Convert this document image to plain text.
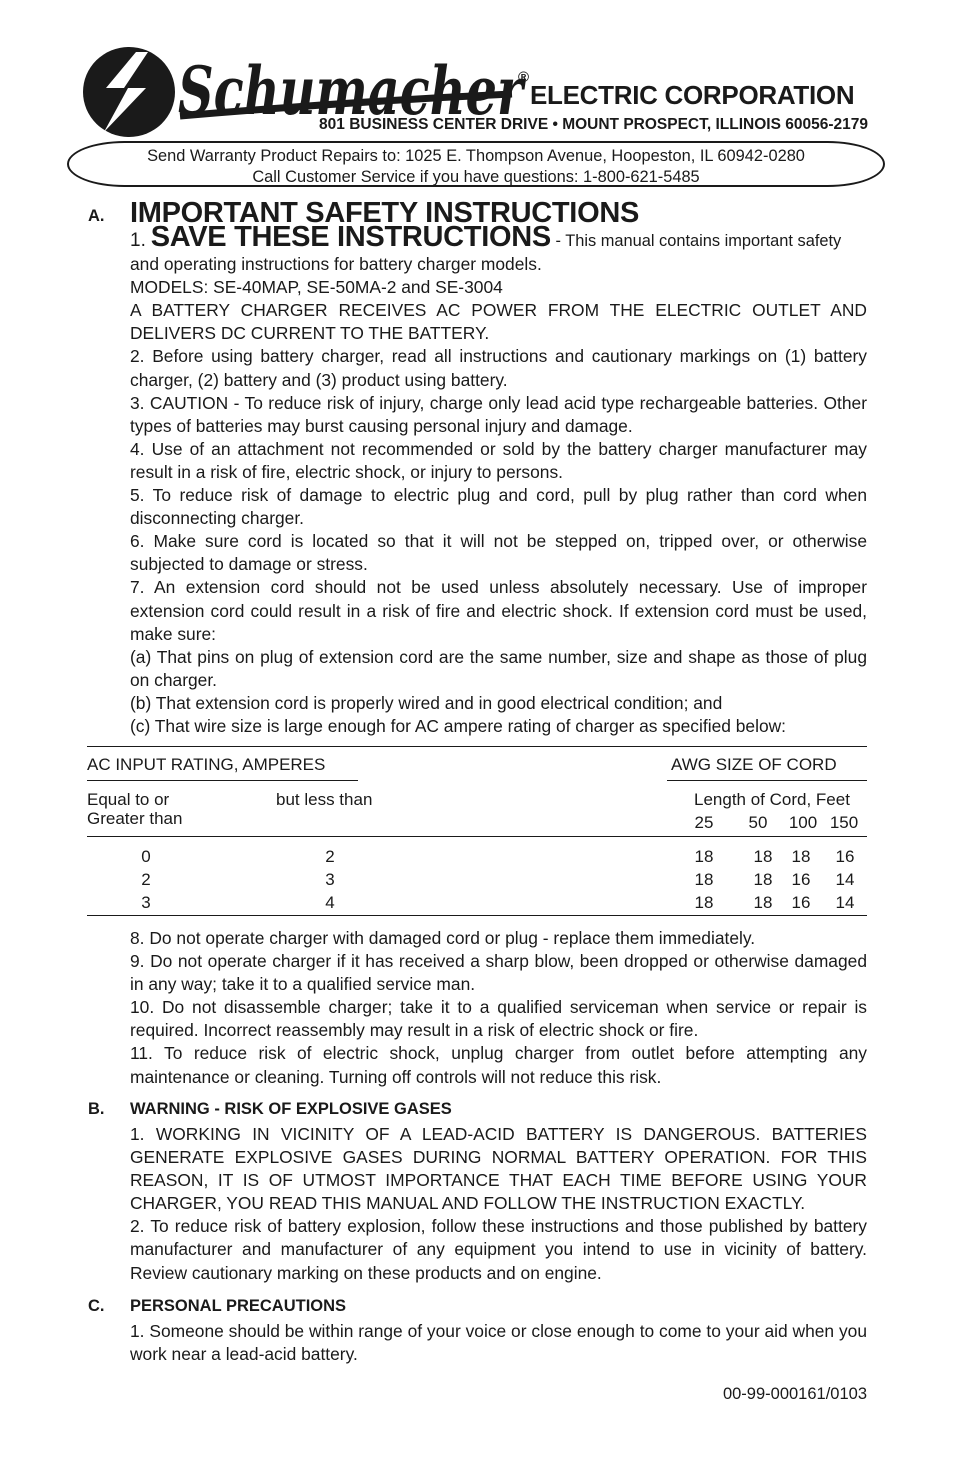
Schumacher
®
ELECTRIC CORPORATION
801 BUSINESS CENTER DRIVE • MOUNT PROSPECT, ILLINOIS 60056-2179
Send Warranty Product Repairs to: 1025 E. Thompson Avenue, Hoopeston, IL 60942-0280
Call Customer Service if you have questions: 1-800-621-5485
A. IMPORTANT SAFETY INSTRUCTIONS

1. SAVE THESE INSTRUCTIONS - This manual contains important safety

and operating instructions for battery charger models.

MODELS: SE-40MAP, SE-50MA-2 and SE-3004

A BATTERY CHARGER RECEIVES AC POWER FROM THE ELECTRIC OUTLET AND DELIVERS DC CURRENT TO THE BATTERY.

2. Before using battery charger, read all instructions and cautionary markings on (1) battery charger, (2) battery and (3) product using battery.

3. CAUTION - To reduce risk of injury, charge only lead acid type rechargeable batteries. Other types of batteries may burst causing personal injury and damage.

4. Use of an attachment not recommended or sold by the battery charger manufacturer may result in a risk of fire, electric shock, or injury to persons.

5. To reduce risk of damage to electric plug and cord, pull by plug rather than cord when disconnecting charger.

6. Make sure cord is located so that it will not be stepped on, tripped over, or otherwise subjected to damage or stress.

7. An extension cord should not be used unless absolutely necessary. Use of improper extension cord could result in a risk of fire and electric shock. If extension cord must be used, make sure:

(a) That pins on plug of extension cord are the same number, size and shape as those of plug on charger.

(b) That extension cord is properly wired and in good electrical condition; and

(c) That wire size is large enough for AC ampere rating of charger as specified below:

AC INPUT RATING, AMPERES	AWG SIZE OF CORD
Equal to or
Greater than
but less than	Length of Cord, Feet
25 50 100 150
0	2	18 18 18 16
2	3	18 18 16 14
3	4	18 18 16 14

8. Do not operate charger with damaged cord or plug - replace them immediately.

9. Do not operate charger if it has received a sharp blow, been dropped or otherwise damaged in any way; take it to a qualified service man.

10. Do not disassemble charger; take it to a qualified serviceman when service or repair is required. Incorrect reassembly may result in a risk of electric shock or fire.

11. To reduce risk of electric shock, unplug charger from outlet before attempting any maintenance or cleaning. Turning off controls will not reduce this risk.

B. WARNING - RISK OF EXPLOSIVE GASES

1. WORKING IN VICINITY OF A LEAD-ACID BATTERY IS DANGEROUS. BATTERIES GENERATE EXPLOSIVE GASES DURING NORMAL BATTERY OPERATION. FOR THIS REASON, IT IS OF UTMOST IMPORTANCE THAT EACH TIME BEFORE USING YOUR CHARGER, YOU READ THIS MANUAL AND FOLLOW THE INSTRUCTION EXACTLY.

2. To reduce risk of battery explosion, follow these instructions and those published by battery manufacturer and manufacturer of any equipment you intend to use in vicinity of battery. Review cautionary marking on these products and on engine.

C. PERSONAL PRECAUTIONS

1. Someone should be within range of your voice or close enough to come to your aid when you work near a lead-acid battery.

00-99-000161/0103
